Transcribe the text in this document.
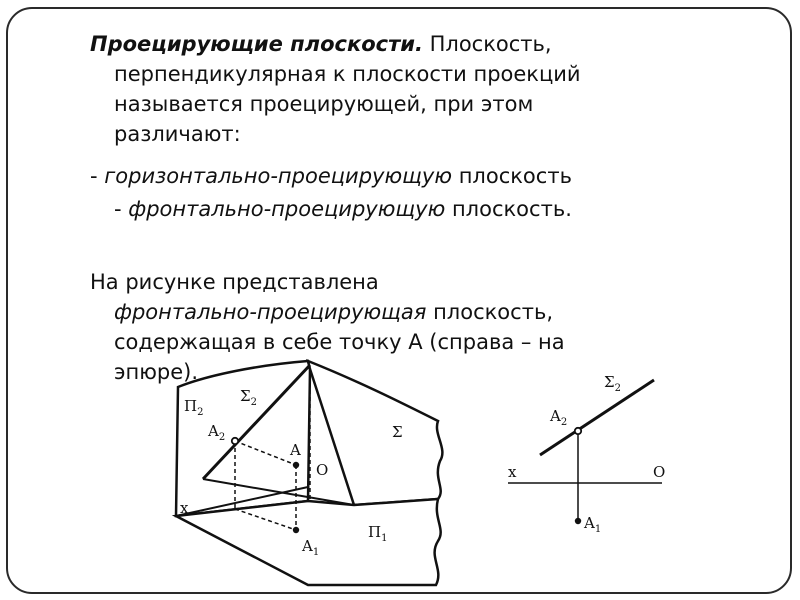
Проецирующие плоскости. Плоскость,
перпендикулярная к плоскости проекций
называется проецирующей, при этом
различают:
- горизонтально-проецирующую плоскость
- фронтально-проецирующую плоскость.
На рисунке представлена
фронтально-проецирующая плоскость,
содержащая в себе точку А (справа – на
эпюре).
$П_2$
$\Sigma_2$
$A_2$
A
O
Σ
x
$A_1$
$П_1$
$\Sigma_2$
$A_2$
x	O
$A_1$
